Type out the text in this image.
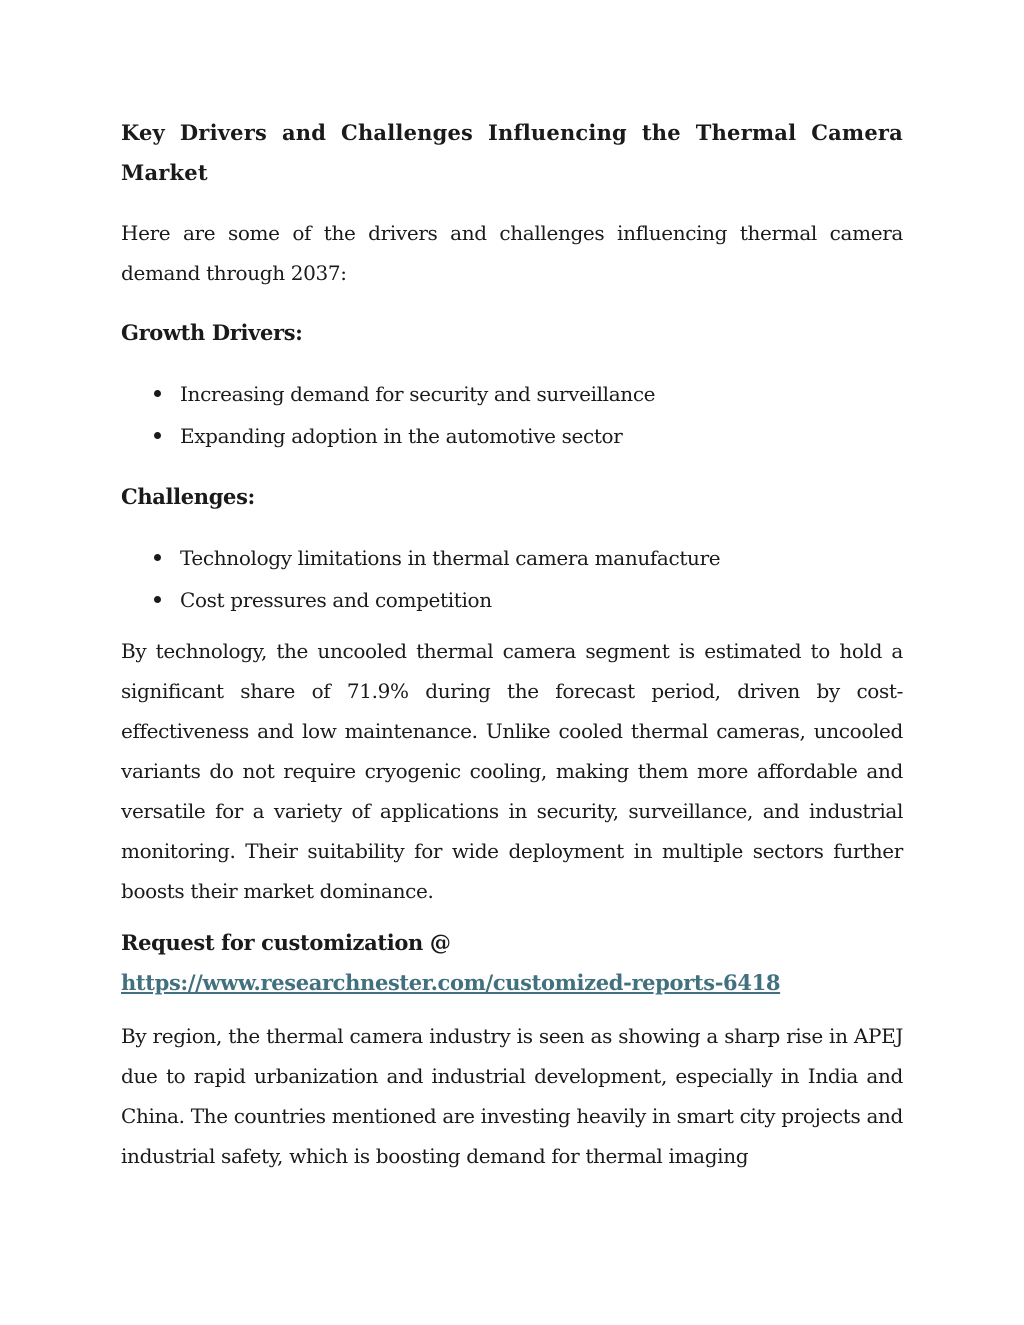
Key Drivers and Challenges Influencing the Thermal Camera Market

Here are some of the drivers and challenges influencing thermal camera demand through 2037:

Growth Drivers:

Increasing demand for security and surveillance
Expanding adoption in the automotive sector

Challenges:

Technology limitations in thermal camera manufacture
Cost pressures and competition

By technology, the uncooled thermal camera segment is estimated to hold a significant share of 71.9% during the forecast period, driven by cost-effectiveness and low maintenance. Unlike cooled thermal cameras, uncooled variants do not require cryogenic cooling, making them more affordable and versatile for a variety of applications in security, surveillance, and industrial monitoring. Their suitability for wide deployment in multiple sectors further boosts their market dominance.

Request for customization @

https://www.researchnester.com/customized-reports-6418

By region, the thermal camera industry is seen as showing a sharp rise in APEJ due to rapid urbanization and industrial development, especially in India and China. The countries mentioned are investing heavily in smart city projects and industrial safety, which is boosting demand for thermal imaging
